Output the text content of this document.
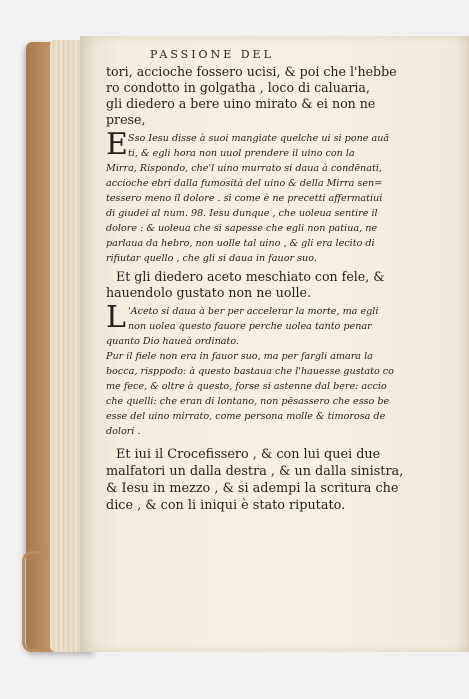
PASSIONE DEL

tori, accioche fossero ucisi, & poi che l'hebbe

ro condotto in golgatha , loco di caluaria,

gli diedero a bere uino mirato & ei non ne

prese,

E Sso Iesu disse à suoi mangiate quelche ui si pone auā

ti, & egli hora non uuol prendere il uino con la

Mirra, Rispondo, che'l uino murrato si daua à condēnati,

accioche ebri dalla fumosità del uino & della Mirra sen=

tessero meno il dolore . si come è ne precetti affermatiui

di giudei al num. 98. Iesu dunque , che uoleua sentire il

dolore : & uoleua che si sapesse che egli non patiua, ne

parlaua da hebro, non uolle tal uino , & gli era lecito di

rifiutar quello , che gli si daua in fauor suo.

Et gli diedero aceto meschiato con fele, &

hauendolo gustato non ne uolle.

L 'Aceto si daua à ber per accelerar la morte, ma egli

non uolea questo fauore perche uolea tanto penar

quanto Dio haueà ordinato.

Pur il fiele non era in fauor suo, ma per fargli amara la

bocca, risppodo: à questo bastaua che l'hauesse gustato co

me fece, & oltre à questo, forse si astenne dal bere: accio

che quelli: che eran di lontano, non pēsassero che esso be

esse del uino mirrato, come persona molle & timorosa de

dolori .

Et iui il Crocefissero , & con lui quei due

malfatori un dalla destra , & un dalla sinistra,

& Iesu in mezzo , & si adempi la scritura che

dice , & con li iniqui è stato riputato.
